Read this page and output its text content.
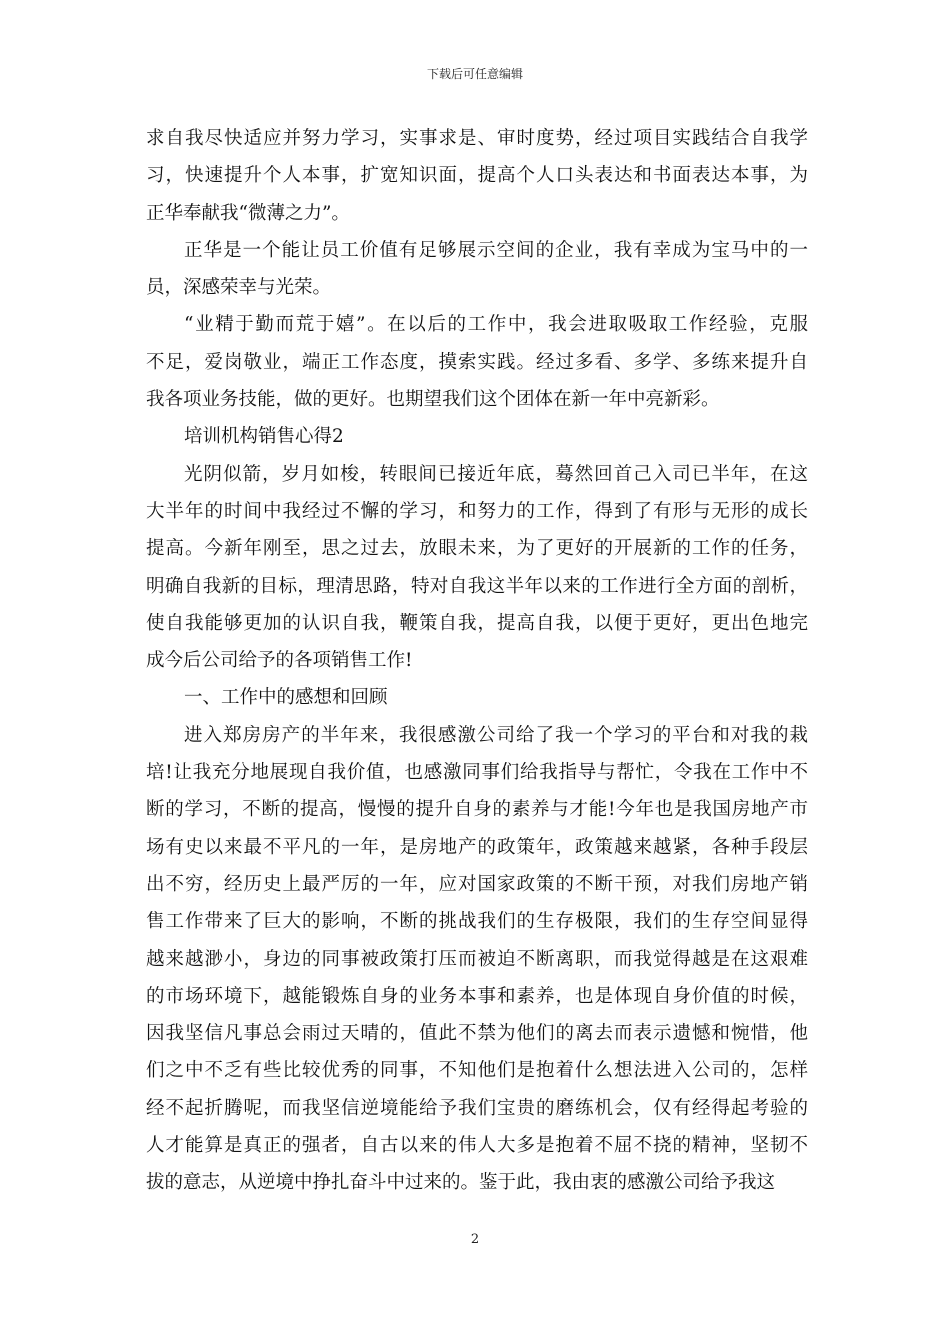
下载后可任意编辑
求自我尽快适应并努力学习，实事求是、审时度势，经过项目实践结合自我学
习，快速提升个人本事，扩宽知识面，提高个人口头表达和书面表达本事，为
正华奉献我“微薄之力”。
正华是一个能让员工价值有足够展示空间的企业，我有幸成为宝马中的一
员，深感荣幸与光荣。
“业精于勤而荒于嬉”。在以后的工作中，我会进取吸取工作经验，克服
不足，爱岗敬业，端正工作态度，摸索实践。经过多看、多学、多练来提升自
我各项业务技能，做的更好。也期望我们这个团体在新一年中亮新彩。
培训机构销售心得2
光阴似箭，岁月如梭，转眼间已接近年底，蓦然回首己入司已半年，在这
大半年的时间中我经过不懈的学习，和努力的工作，得到了有形与无形的成长
提高。今新年刚至，思之过去，放眼未来，为了更好的开展新的工作的任务，
明确自我新的目标，理清思路，特对自我这半年以来的工作进行全方面的剖析，
使自我能够更加的认识自我，鞭策自我，提高自我，以便于更好，更出色地完
成今后公司给予的各项销售工作!
一、工作中的感想和回顾
进入郑房房产的半年来，我很感激公司给了我一个学习的平台和对我的栽
培!让我充分地展现自我价值，也感激同事们给我指导与帮忙，令我在工作中不
断的学习，不断的提高，慢慢的提升自身的素养与才能!今年也是我国房地产市
场有史以来最不平凡的一年，是房地产的政策年，政策越来越紧，各种手段层
出不穷，经历史上最严厉的一年，应对国家政策的不断干预，对我们房地产销
售工作带来了巨大的影响，不断的挑战我们的生存极限，我们的生存空间显得
越来越渺小，身边的同事被政策打压而被迫不断离职，而我觉得越是在这艰难
的市场环境下，越能锻炼自身的业务本事和素养，也是体现自身价值的时候，
因我坚信凡事总会雨过天晴的，值此不禁为他们的离去而表示遗憾和惋惜，他
们之中不乏有些比较优秀的同事，不知他们是抱着什么想法进入公司的，怎样
经不起折腾呢，而我坚信逆境能给予我们宝贵的磨练机会，仅有经得起考验的
人才能算是真正的强者，自古以来的伟人大多是抱着不屈不挠的精神，坚韧不
拔的意志，从逆境中挣扎奋斗中过来的。鉴于此，我由衷的感激公司给予我这
2
